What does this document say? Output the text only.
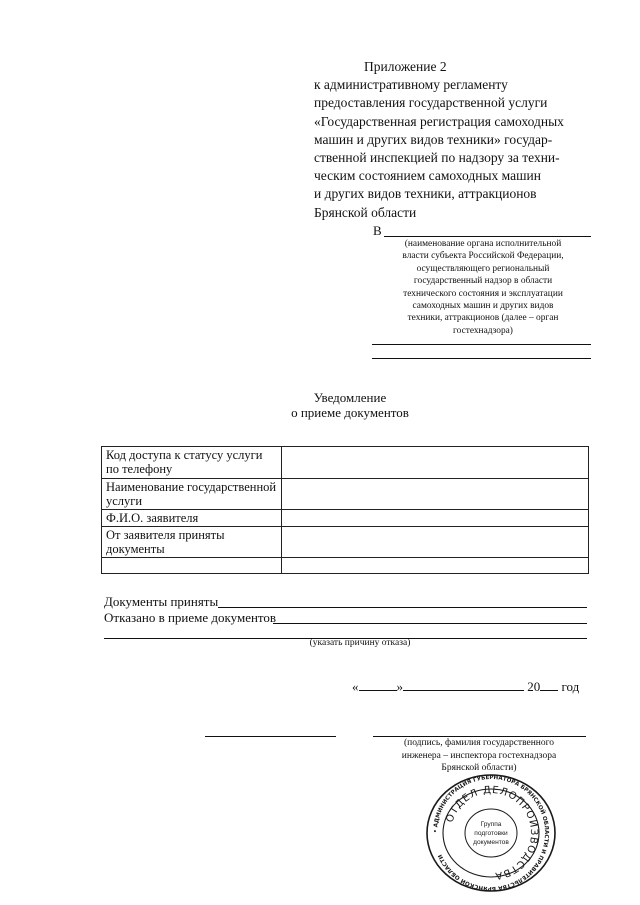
Приложение 2
к административному регламенту
предоставления государственной услуги
«Государственная регистрация самоходных
машин и других видов техники» государ-
ственной инспекцией по надзору за техни-
ческим состоянием самоходных машин
и других видов техники, аттракционов
Брянской области
В
(наименование органа исполнительной
власти субъекта Российской Федерации,
осуществляющего региональный
государственный надзор в области
технического состояния и эксплуатации
самоходных машин и других видов
техники, аттракционов (далее – орган
гостехнадзора)
Уведомление
о приеме документов
Код доступа к статусу услуги по телефону	
Наименование государственной услуги	
Ф.И.О. заявителя	
От заявителя приняты документы	

Документы приняты
Отказано в приеме документов
(указать причину отказа)
«	»	20 год
(подпись, фамилия государственного
инженера – инспектора гостехнадзора
Брянской области)
• АДМИНИСТРАЦИЯ ГУБЕРНАТОРА БРЯНСКОЙ ОБЛАСТИ И ПРАВИТЕЛЬСТВА БРЯНСКОЙ ОБЛАСТИ
ОТДЕЛ ДЕЛОПРОИЗВОДСТВА
Группа
подготовки
документов
